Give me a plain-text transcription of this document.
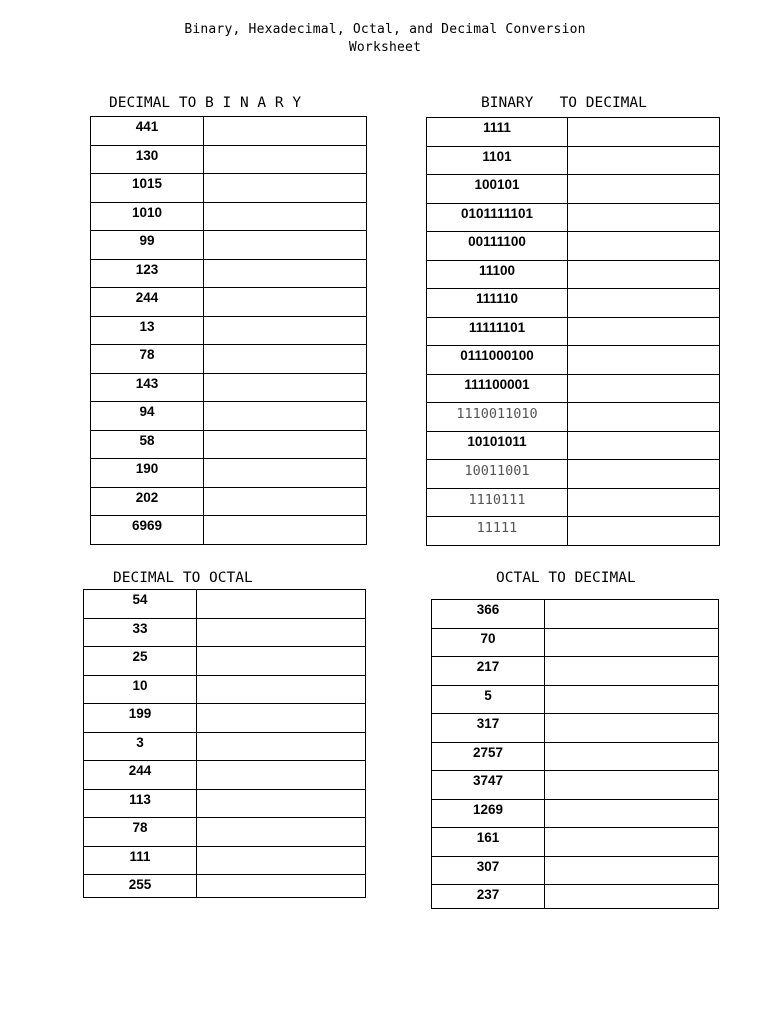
Binary, Hexadecimal, Octal, and Decimal Conversion
Worksheet
DECIMAL TO B I N A R Y	BINARY   TO DECIMAL
DECIMAL TO OCTAL	OCTAL TO DECIMAL
441	
130	
1015	
1010	
99	
123	
244	
13	
78	
143	
94	
58	
190	
202	
6969	
1111	
1101	
100101	
0101111101	
00111100	
11100	
111110	
11111101	
0111000100	
111100001	
1110011010	
10101011	
10011001	
1110111	
11111	
54	
33	
25	
10	
199	
3	
244	
113	
78	
111	
255	
366	
70	
217	
5	
317	
2757	
3747	
1269	
161	
307	
237	
